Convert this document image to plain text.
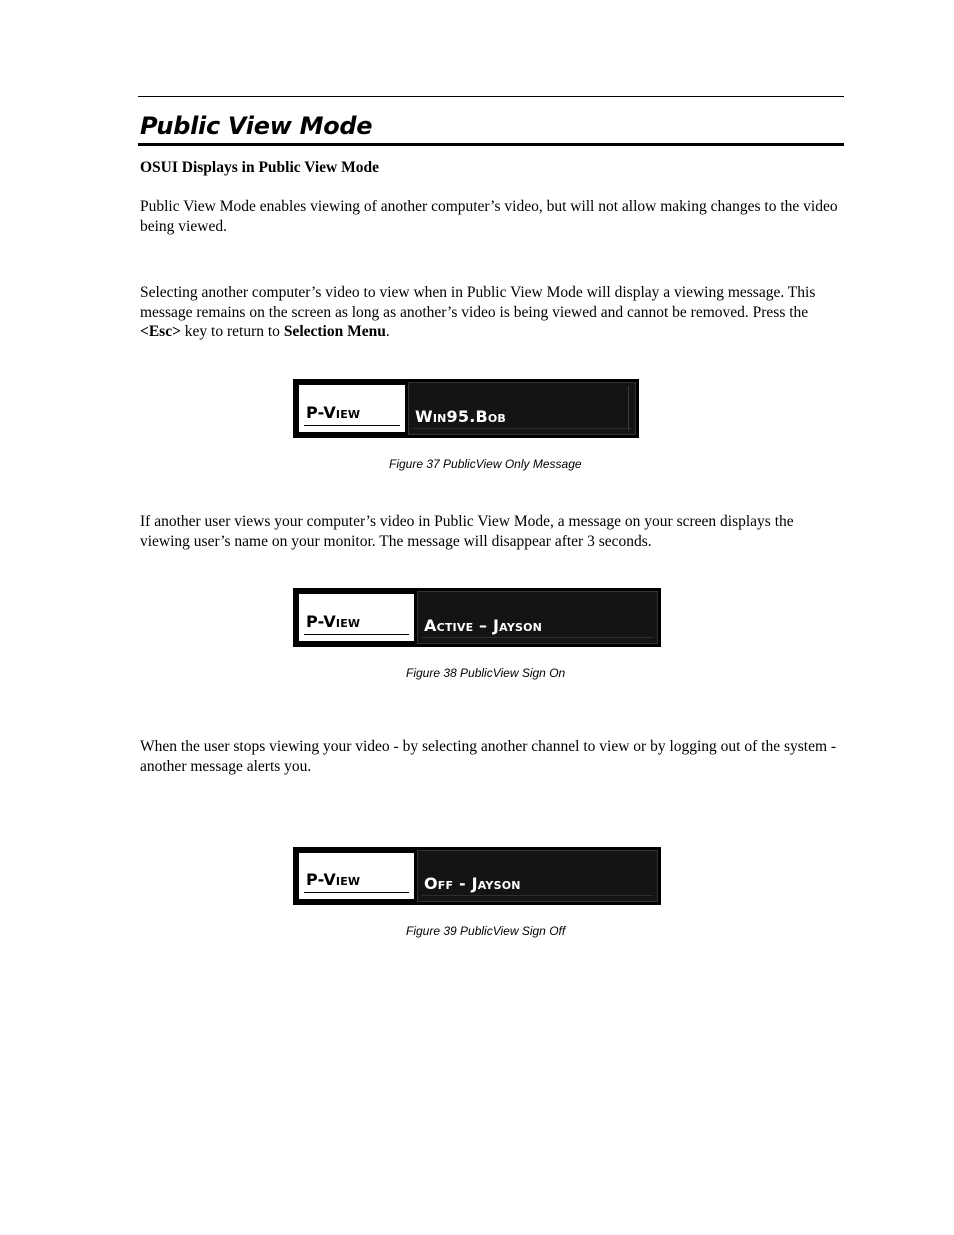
Public View Mode
OSUI Displays in Public View Mode

Public View Mode enables viewing of another computer’s video, but will not allow making changes to the video being viewed.

Selecting another computer’s video to view when in Public View Mode will display a viewing message. This message remains on the screen as long as another’s video is being viewed and cannot be removed. Press the <Esc> key to return to Selection Menu.

P-View	Win95.Bob

Figure 37 PublicView Only Message

If another user views your computer’s video in Public View Mode, a message on your screen displays the viewing user’s name on your monitor. The message will disappear after 3 seconds.

P-View	Active – Jayson

Figure 38 PublicView Sign On

When the user stops viewing your video - by selecting another channel to view or by logging out of the system - another message alerts you.

P-View	Off - Jayson

Figure 39 PublicView Sign Off
